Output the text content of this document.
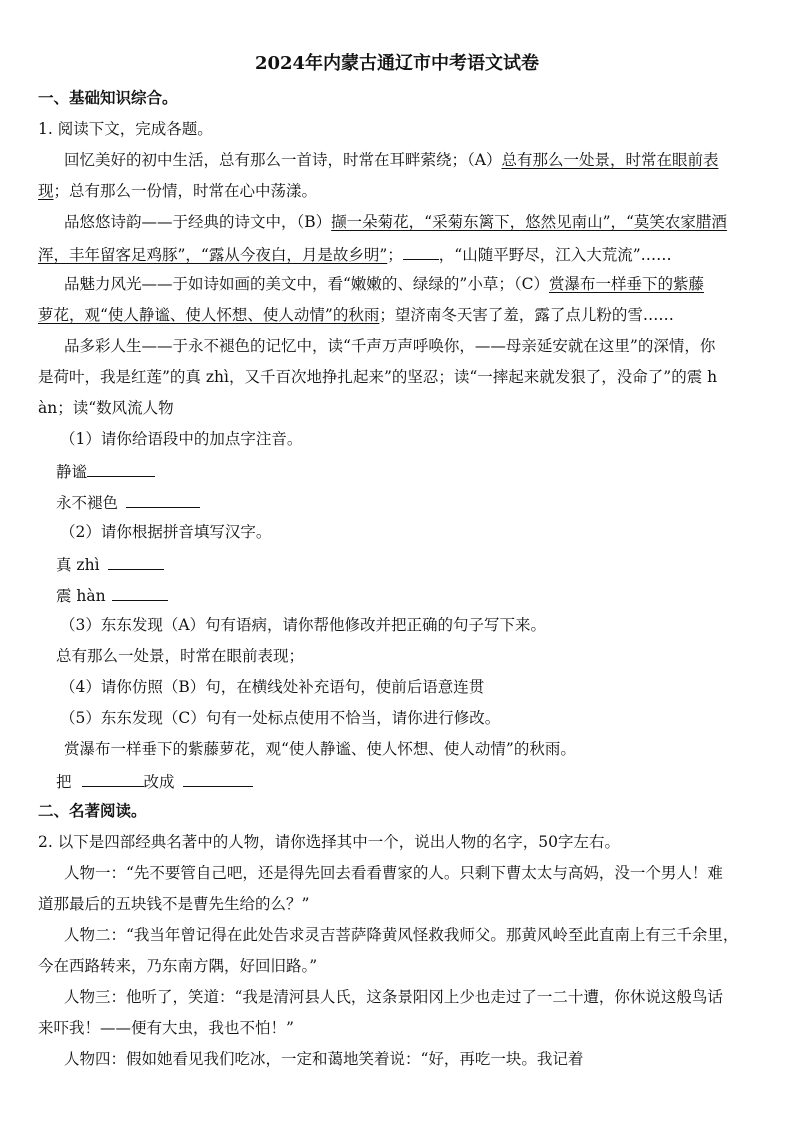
2024年内蒙古通辽市中考语文试卷
一、基础知识综合。
1. 阅读下文，完成各题。
回忆美好的初中生活，总有那么一首诗，时常在耳畔萦绕；（A）总有那么一处景，时常在眼前表
现；总有那么一份情，时常在心中荡漾。
品悠悠诗韵——于经典的诗文中，（B）撷一朵菊花，“采菊东篱下，悠然见南山”，“莫笑农家腊酒
浑，丰年留客足鸡豚”，“露从今夜白，月是故乡明”； ，“山随平野尽，江入大荒流”……
品魅力风光——于如诗如画的美文中，看“嫩嫩的、绿绿的”小草；（C）赏瀑布一样垂下的紫藤
萝花，观“使人静谧、使人怀想、使人动情”的秋雨；望济南冬天害了羞，露了点儿粉的雪……
品多彩人生——于永不褪色的记忆中，读“千声万声呼唤你，——母亲延安就在这里”的深情，你
是荷叶，我是红莲”的真 zhì，又千百次地挣扎起来”的坚忍；读“一摔起来就发狠了，没命了”的震 h
àn；读“数风流人物
（1）请你给语段中的加点字注音。
静谧
永不褪色
（2）请你根据拼音填写汉字。
真 zhì
震 hàn
（3）东东发现（A）句有语病，请你帮他修改并把正确的句子写下来。
总有那么一处景，时常在眼前表现；
（4）请你仿照（B）句，在横线处补充语句，使前后语意连贯
（5）东东发现（C）句有一处标点使用不恰当，请你进行修改。
赏瀑布一样垂下的紫藤萝花，观“使人静谧、使人怀想、使人动情”的秋雨。
把	改成
二、名著阅读。
2. 以下是四部经典名著中的人物，请你选择其中一个，说出人物的名字，50字左右。
人物一：“先不要管自己吧，还是得先回去看看曹家的人。只剩下曹太太与高妈，没一个男人！难
道那最后的五块钱不是曹先生给的么？”
人物二：“我当年曾记得在此处告求灵吉菩萨降黄风怪救我师父。那黄风岭至此直南上有三千余里，
今在西路转来，乃东南方隅，好回旧路。”
人物三：他听了，笑道：“我是清河县人氏，这条景阳冈上少也走过了一二十遭，你休说这般鸟话
来吓我！——便有大虫，我也不怕！”
人物四：假如她看见我们吃冰，一定和蔼地笑着说：“好，再吃一块。我记着
